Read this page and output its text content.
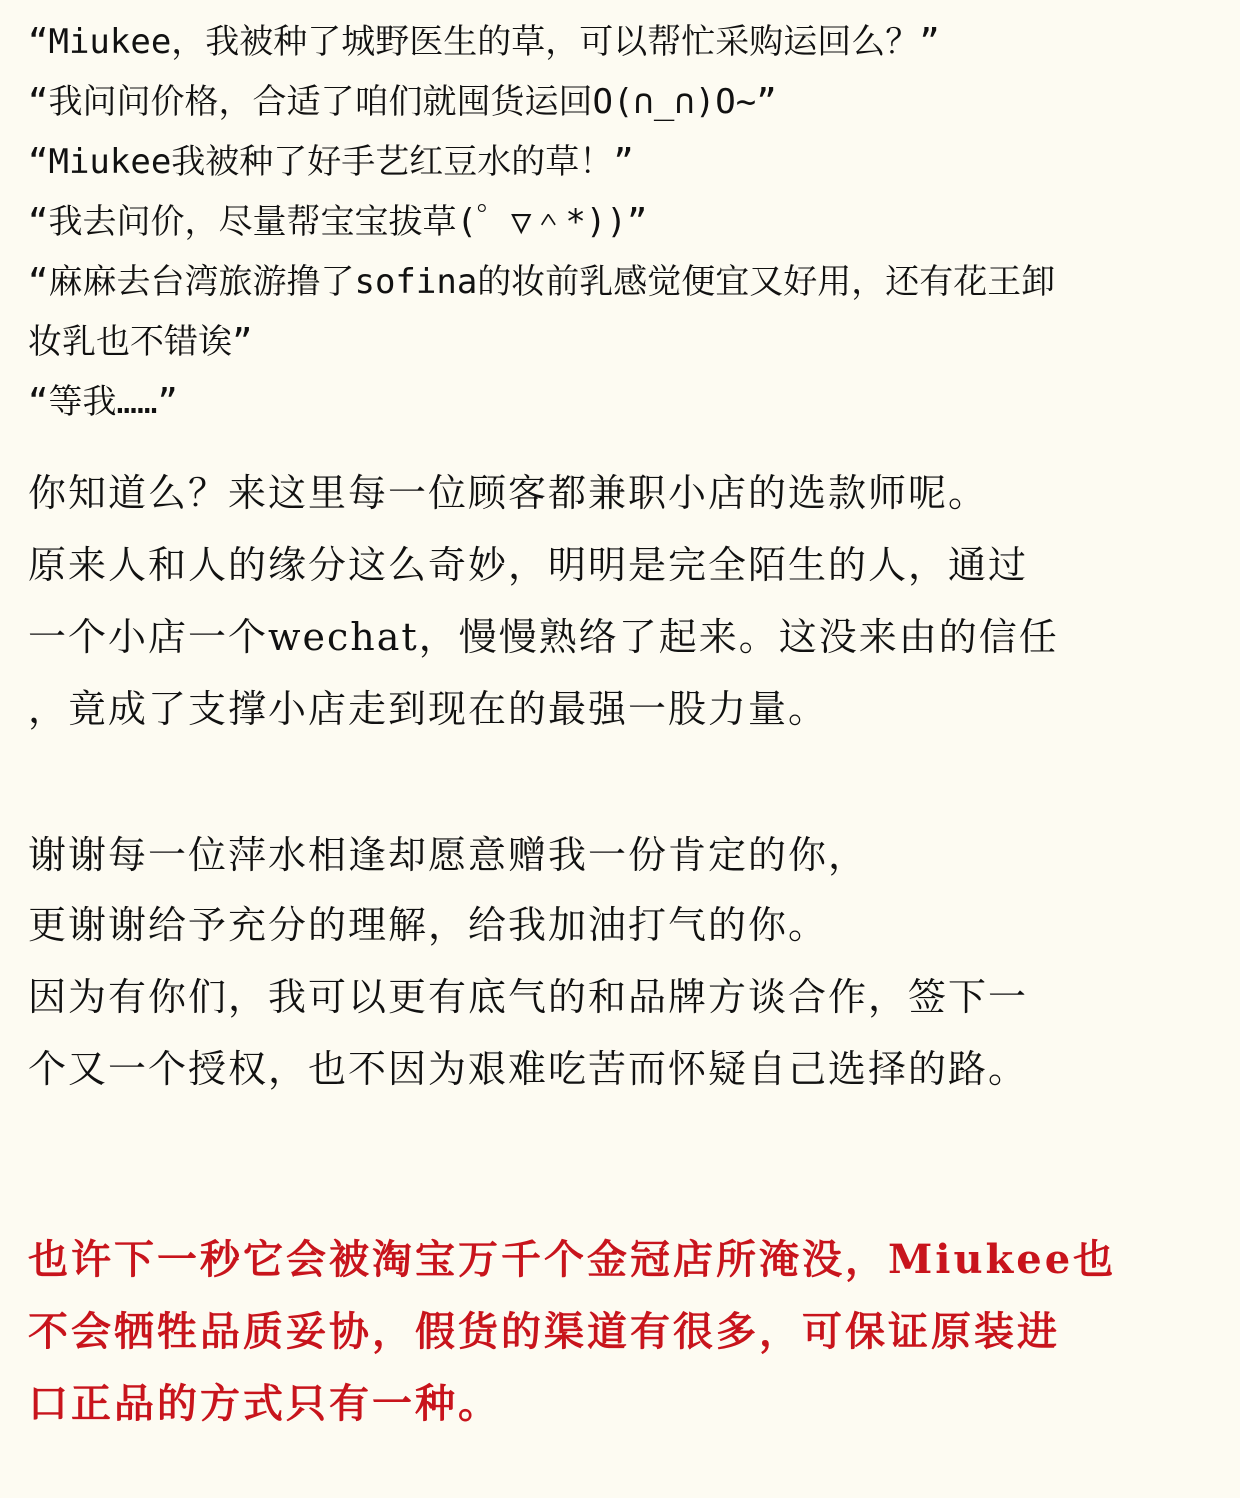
“Miukee，我被种了城野医生的草，可以帮忙采购运回么？”
“我问问价格，合适了咱们就囤货运回O(∩_∩)O~”
“Miukee我被种了好手艺红豆水的草！”
“我去问价，尽量帮宝宝拔草(゜▽＾*))”
“麻麻去台湾旅游撸了sofina的妆前乳感觉便宜又好用，还有花王卸
妆乳也不错诶”
“等我……”
你知道么？来这里每一位顾客都兼职小店的选款师呢。
原来人和人的缘分这么奇妙，明明是完全陌生的人，通过
一个小店一个wechat，慢慢熟络了起来。这没来由的信任
，竟成了支撑小店走到现在的最强一股力量。
谢谢每一位萍水相逢却愿意赠我一份肯定的你，
更谢谢给予充分的理解，给我加油打气的你。
因为有你们，我可以更有底气的和品牌方谈合作，签下一
个又一个授权，也不因为艰难吃苦而怀疑自己选择的路。
也许下一秒它会被淘宝万千个金冠店所淹没，Miukee也
不会牺牲品质妥协，假货的渠道有很多，可保证原装进
口正品的方式只有一种。
